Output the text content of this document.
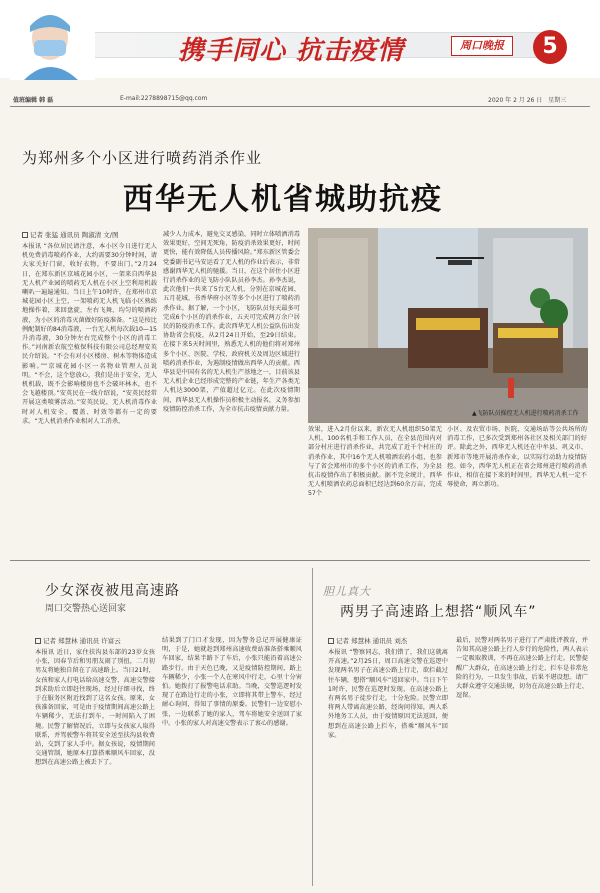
携手同心 抗击疫情	周口晚报	5
值班编辑 韩 磊	E-mail:2278898715@qq.com	2020 年 2 月 26 日　星期三
为郑州多个小区进行喷药消杀作业
西华无人机省城助抗疫
记者 张猛 通讯员 陶淑清 文/图
本报讯 “各位居民请注意，本小区今日进行无人机免费消毒喷药作业，大约需要30分钟时间，请大家关好门窗，收好衣物，不要出门。”2月24日，在郑东新区京城花园小区，一架来自西华县无人机产业园的喷药无人机在小区上空利用机载喇叭一遍遍通知。当日上午10时许，在郑州市京城花园小区上空，一架喷药无人机飞临小区熟练地操作着，来回盘旋，左右飞舞，均匀的喷洒药液，为小区的消毒灭菌做好防疫准备。“这是按比例配制好的84消毒液，一台无人机每次载10—15升消毒液，30分钟左右完成整个小区的消毒工作。”河南新农航空植保科技有限公司总经理安英民介绍说。“不会有对小区楼房、树木等物体造成影响。”“京城花园小区一名物业管理人员说明。“不会，这个您放心，我们是出于安全，无人机机载，既不会影响楼房也不会破坏林木，也不会飞越楼顶。”安英民在一线介绍说，“安英民经常开展这类喷雾活动。”安英民说，无人机消毒作业时对人机安全、覆盖、时效等都有一定的要求。“无人机消杀作业相对人工消杀，
减少人力成本，避免交叉感染，同时立体喷洒消毒效果更好，空间无死角，防疫消杀效果更好，时间更快，能有效降低人员传播风险。”郑东新区管委会党委副书记马安运看了无人机的作业后表示，非常感谢西华无人机的驰援。当日，在这个居住小区进行消杀作业的是飞防小队队员孙李杰。孙李杰说，此次他们一共来了5台无人机，分别在京城花园、五月花城、书香华府小区等多个小区进行了喷药消杀作业。据了解，一个小区，飞防队员每天最多可完成6个小区的消杀作业，五天可完成两万余户居民的防疫消杀工作。此次西华无人机公益队伍出发协助省会抗疫，从2月24日开始，至29日结束。在接下来5天时间里，熟悉无人机的他们将对郑州多个小区、医院、学校、政府机关及周边区域进行喷药消杀作业，为遏制疫情做出西华人的贡献。西华县是中国有名的无人机生产基地之一，目前该县无人机企业已经形成完整的产业链，年生产各类无人机达3000架，产值超过亿元。在此次疫情期间，西华县无人机操作员积极主动报名，义务参加疫情防控消杀工作，为全市抗击疫情贡献力量。
▲飞防队员操控无人机进行喷药消杀工作
效果，进入2月份以来，新农无人机组织50架无人机、100名机手和工作人员，在全县范围内对部分村庄进行消杀作业，共完成了近千个村庄的消杀作业，其中16个无人机喷洒农药小组，也参与了省会郑州市的多个小区的消杀工作，为全县抗击疫情作出了积极贡献。据不完全统计，西华无人机喷洒农药总面积已经达到60余万亩，完成57个
小区、及农贸市场、医院、交通场站等公共场所的消毒工作，已多次受到郑州各社区及相关部门的好评。除此之外，西华无人机还在中牟县、巩义市、新郑市等地开展消杀作业，以实际行动助力疫情防控。如今，西华无人机正在省会郑州进行喷药消杀作业，相信在接下来的时间里，西华无人机一定不辱使命，再立新功。
少女深夜被甩高速路
周口交警热心送回家
记者 郑慧林 通讯员 许富云
本报讯 近日，家住扶沟县东部的23岁女孩小张，因春节后和男朋友闹了别扭，二月初男友将她独自留在了高速路上。当日21时，女孩和家人打电话给高速交警，高速交警接到求助后立即赶往现场，经过仔细寻找，终于在服务区附近找到了这名女孩。原来，女孩准备回家，可是由于疫情期间高速公路上车辆稀少，无法打到车，一时间陷入了困境。民警了解情况后，立即与女孩家人取得联系，并驾驶警车将其安全送至扶沟县收费站，交到了家人手中。据女孩说，疫情期间交通管制，她原本打算搭乘顺风车回家，没想到在高速公路上被丢下了。
结果到了门口才发现，因为警务总记开展健康证明，于是，她就赶到郑州高速收费站准备搭乘顺风车回家，结果半路下了车后，小张只能沿着高速公路步行。由于天色已晚，又是疫情防控期间，路上车辆稀少，小张一个人在寒风中行走，心里十分害怕。她拨打了报警电话求助。当晚，交警巡逻时发现了在路边行走的小张，立即将其带上警车，经过耐心询问，得知了事情的原委。民警们一边安慰小张，一边联系了她的家人，驾车将她安全送回了家中。小张的家人对高速交警表示了衷心的感谢。
胆儿真大
两男子高速路上想搭“顺风车”
记者 郑慧林 通讯员 刘杰
本报讯 “警察同志，我们错了，我们这就离开高速。”2月25日，周口高速交警在巡逻中发现两名男子在高速公路上行走，欲拦截过往车辆，想搭“顺风车”返回家中。当日下午1时许，民警在巡逻时发现，在高速公路上有两名男子徒步行走，十分危险。民警立即将两人带离高速公路，经询问得知，两人系外地务工人员，由于疫情原因无法返回，便想到在高速公路上拦车，搭乘“顺风车”回家。
最后，民警对两名男子进行了严肃批评教育，并告知其高速公路上行人步行的危险性，两人表示一定吸取教训，不再在高速公路上行走。民警提醒广大群众，在高速公路上行走、拦车是非常危险的行为，一旦发生事故，后果不堪设想。请广大群众遵守交通法规，切勿在高速公路上行走、逗留。
